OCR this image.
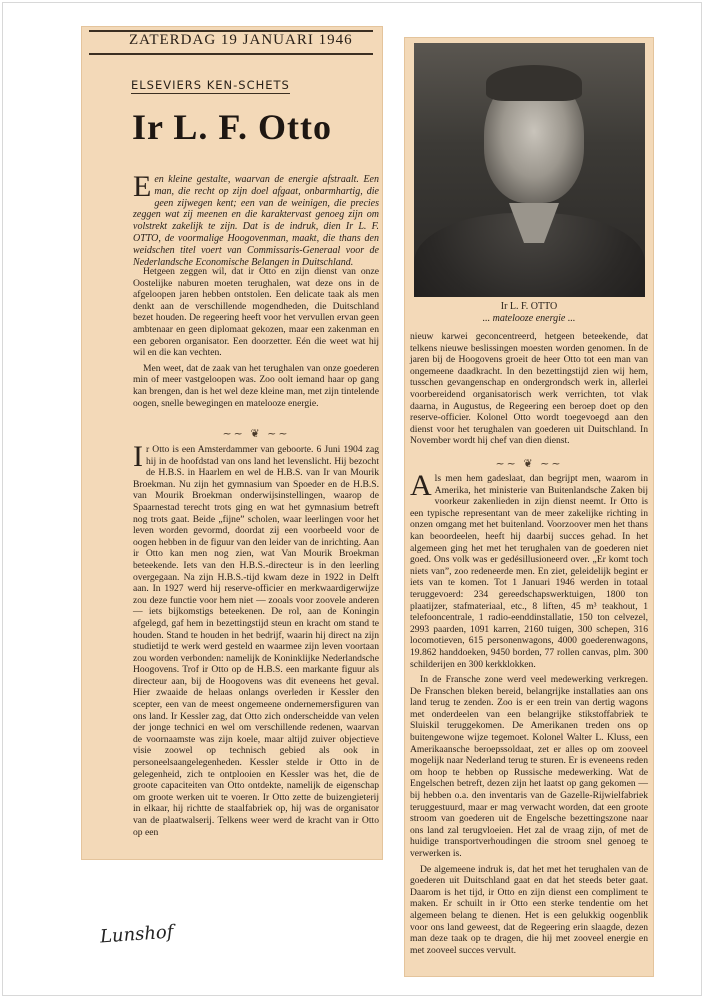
ZATERDAG 19 JANUARI 1946
ELSEVIERS KEN-SCHETS
Ir L. F. Otto
E en kleine gestalte, waarvan de energie afstraalt. Een man, die recht op zijn doel afgaat, onbarmhartig, die geen zijwegen kent; een van de weinigen, die precies zeggen wat zij meenen en die karaktervast genoeg zijn om volstrekt zakelijk te zijn. Dat is de indruk, dien Ir L. F. OTTO, de voormalige Hoogovenman, maakt, die thans den weidschen titel voert van Commissaris-Generaal voor de Nederlandsche Economische Belangen in Duitschland.

Hetgeen zeggen wil, dat ir Otto en zijn dienst van onze Oostelijke naburen moeten terughalen, wat deze ons in de afgeloopen jaren hebben ontstolen. Een delicate taak als men denkt aan de verschillende mogendheden, die Duitschland bezet houden. De regeering heeft voor het vervullen ervan geen ambtenaar en geen diplomaat gekozen, maar een zakenman en een geboren organisator. Een doorzetter. Eén die weet wat hij wil en die kan vechten.

Men weet, dat de zaak van het terughalen van onze goederen min of meer vastgeloopen was. Zoo oolt iemand haar op gang kan brengen, dan is het wel deze kleine man, met zijn tintelende oogen, snelle bewegingen en matelooze energie.

~~ ❦ ~~

I r Otto is een Amsterdammer van geboorte. 6 Juni 1904 zag hij in de hoofdstad van ons land het levenslicht. Hij bezocht de H.B.S. in Haarlem en wel de H.B.S. van Ir van Mourik Broekman. Nu zijn het gymnasium van Spoeder en de H.B.S. van Mourik Broekman onderwijsinstellingen, waarop de Spaarnestad terecht trots ging en wat het gymnasium betreft nog trots gaat. Beide „fijne” scholen, waar leerlingen voor het leven worden gevormd, doordat zij een voorbeeld voor de oogen hebben in de figuur van den leider van de inrichting. Aan ir Otto kan men nog zien, wat Van Mourik Broekman beteekende. Iets van den H.B.S.-directeur is in den leerling overgegaan. Na zijn H.B.S.-tijd kwam deze in 1922 in Delft aan. In 1927 werd hij reserve-officier en merkwaardigerwijze zou deze functie voor hem niet — zooals voor zoovele anderen — iets bijkomstigs beteekenen. De rol, aan de Koningin afgelegd, gaf hem in bezettingstijd steun en kracht om stand te houden. Stand te houden in het bedrijf, waarin hij direct na zijn studietijd te werk werd gesteld en waarmee zijn leven voortaan zou worden verbonden: namelijk de Koninklijke Nederlandsche Hoogovens. Trof ir Otto op de H.B.S. een markante figuur als directeur aan, bij de Hoogovens was dit eveneens het geval. Hier zwaaide de helaas onlangs overleden ir Kessler den scepter, een van de meest ongemeene ondernemersfiguren van ons land. Ir Kessler zag, dat Otto zich onderscheidde van velen der jonge technici en wel om verschillende redenen, waarvan de voornaamste was zijn koele, maar altijd zuiver objectieve visie zoowel op technisch gebied als ook in personeelsaangelegenheden. Kessler stelde ir Otto in de gelegenheid, zich te ontplooien en Kessler was het, die de groote capaciteiten van Otto ontdekte, namelijk de eigenschap om groote werken uit te voeren. Ir Otto zette de buizengieterij in elkaar, hij richtte de staalfabriek op, hij was de organisator van de plaatwalserij. Telkens weer werd de kracht van ir Otto op een

Ir L. F. OTTO
... matelooze energie ...

nieuw karwei geconcentreerd, hetgeen beteekende, dat telkens nieuwe beslissingen moesten worden genomen. In de jaren bij de Hoogovens groeit de heer Otto tot een man van ongemeene daadkracht. In den bezettingstijd zien wij hem, tusschen gevangenschap en ondergrondsch werk in, allerlei voorbereidend organisatorisch werk verrichten, tot vlak daarna, in Augustus, de Regeering een beroep doet op den reserve-officier. Kolonel Otto wordt toegevoegd aan den dienst voor het terughalen van goederen uit Duitschland. In November wordt hij chef van dien dienst.

~~ ❦ ~~

A ls men hem gadeslaat, dan begrijpt men, waarom in Amerika, het ministerie van Buitenlandsche Zaken bij voorkeur zakenlieden in zijn dienst neemt. Ir Otto is een typische representant van de meer zakelijke richting in onzen omgang met het buitenland. Voorzoover men het thans kan beoordeelen, heeft hij daarbij succes gehad. In het algemeen ging het met het terughalen van de goederen niet goed. Ons volk was er gedésillusioneerd over. „Er komt toch niets van”, zoo redeneerde men. En ziet, geleidelijk begint er iets van te komen. Tot 1 Januari 1946 werden in totaal teruggevoerd: 234 gereedschapswerktuigen, 1800 ton plaatijzer, stafmateriaal, etc., 8 liften, 45 m³ teakhout, 1 telefooncentrale, 1 radio-eenddinstallatie, 150 ton celvezel, 2993 paarden, 1091 karren, 2160 tuigen, 300 schepen, 316 locomotieven, 615 personenwagons, 4000 goederenwagons, 19.862 handdoeken, 9450 borden, 77 rollen canvas, plm. 300 schilderijen en 300 kerkklokken.

In de Fransche zone werd veel medewerking verkregen. De Franschen bleken bereid, belangrijke installaties aan ons land terug te zenden. Zoo is er een trein van dertig wagons met onderdeelen van een belangrijke stikstoffabriek te Sluiskil teruggekomen. De Amerikanen treden ons op buitengewone wijze tegemoet. Kolonel Walter L. Kluss, een Amerikaansche beroepssoldaat, zet er alles op om zooveel mogelijk naar Nederland terug te sturen. Er is eveneens reden om hoop te hebben op Russische medewerking. Wat de Engelschen betreft, dezen zijn het laatst op gang gekomen — bij hebben o.a. den inventaris van de Gazelle-Rijwielfabriek teruggestuurd, maar er mag verwacht worden, dat een groote stroom van goederen uit de Engelsche bezettingszone naar ons land zal terugvloeien. Het zal de vraag zijn, of met de huidige transportverhoudingen die stroom snel genoeg te verwerken is.

De algemeene indruk is, dat het met het terughalen van de goederen uit Duitschland gaat en dat het steeds beter gaat. Daarom is het tijd, ir Otto en zijn dienst een compliment te maken. Er schuilt in ir Otto een sterke tendentie om het algemeen belang te dienen. Het is een gelukkig oogenblik voor ons land geweest, dat de Regeering erin slaagde, dezen man deze taak op te dragen, die hij met zooveel energie en met zooveel succes vervult.

Lunshof
